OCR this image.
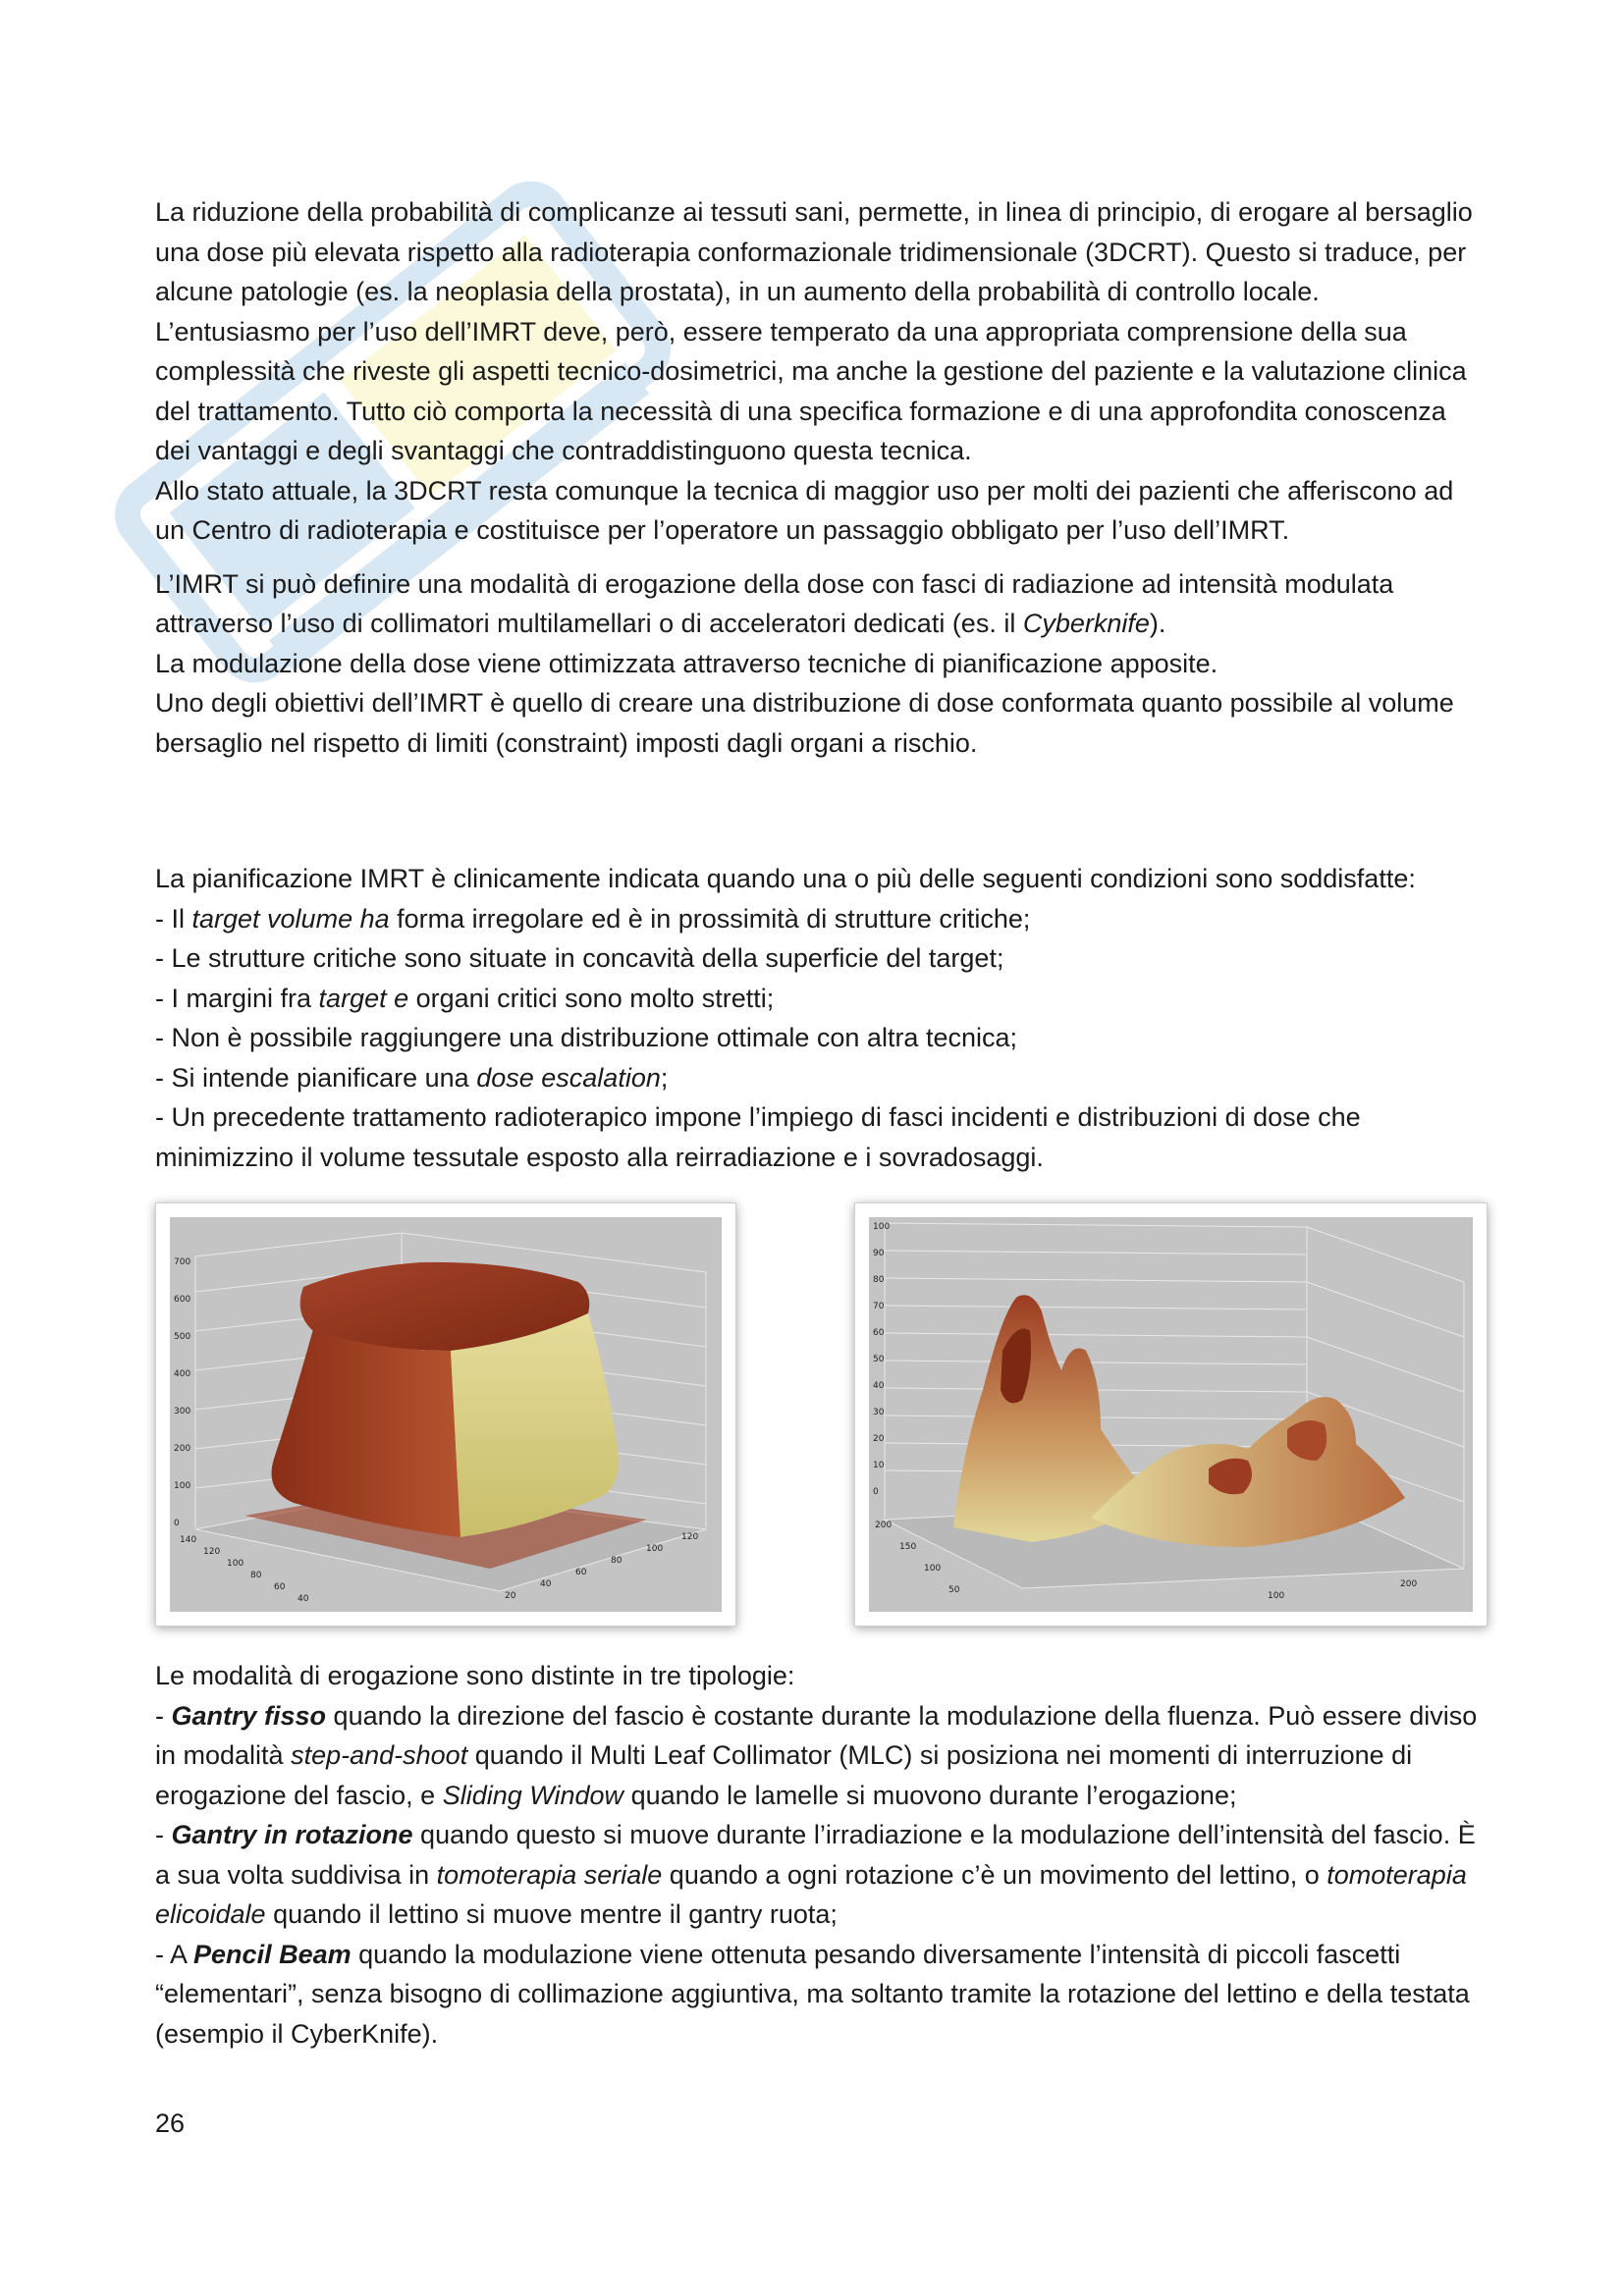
La riduzione della probabilità di complicanze ai tessuti sani, permette, in linea di principio, di erogare al bersaglio una dose più elevata rispetto alla radioterapia conformazionale tridimensionale (3DCRT). Questo si traduce, per alcune patologie (es. la neoplasia della prostata), in un aumento della probabilità di controllo locale.

L’entusiasmo per l’uso dell’IMRT deve, però, essere temperato da una appropriata comprensione della sua complessità che riveste gli aspetti tecnico-dosimetrici, ma anche la gestione del paziente e la valutazione clinica del trattamento. Tutto ciò comporta la necessità di una specifica formazione e di una approfondita conoscenza dei vantaggi e degli svantaggi che contraddistinguono questa tecnica.

Allo stato attuale, la 3DCRT resta comunque la tecnica di maggior uso per molti dei pazienti che afferiscono ad un Centro di radioterapia e costituisce per l’operatore un passaggio obbligato per l’uso dell’IMRT.

L’IMRT si può definire una modalità di erogazione della dose con fasci di radiazione ad intensità modulata attraverso l’uso di collimatori multilamellari o di acceleratori dedicati (es. il Cyberknife).

La modulazione della dose viene ottimizzata attraverso tecniche di pianificazione apposite.

Uno degli obiettivi dell’IMRT è quello di creare una distribuzione di dose conformata quanto possibile al volume bersaglio nel rispetto di limiti (constraint) imposti dagli organi a rischio.

La pianificazione IMRT è clinicamente indicata quando una o più delle seguenti condizioni sono soddisfatte:

- Il target volume ha forma irregolare ed è in prossimità di strutture critiche;

- Le strutture critiche sono situate in concavità della superficie del target;

- I margini fra target e organi critici sono molto stretti;

- Non è possibile raggiungere una distribuzione ottimale con altra tecnica;

- Si intende pianificare una dose escalation;

- Un precedente trattamento radioterapico impone l’impiego di fasci incidenti e distribuzioni di dose che minimizzino il volume tessutale esposto alla reirradiazione e i sovradosaggi.

700
600
500
400
300
200
100
0
140
120
100
80
60
40	20
40
60
80
100
120
100
90
80
70
60
50
40
30
20
10
0
200
150
100
50
100
200

Le modalità di erogazione sono distinte in tre tipologie:

- Gantry fisso quando la direzione del fascio è costante durante la modulazione della fluenza. Può essere diviso in modalità step-and-shoot quando il Multi Leaf Collimator (MLC) si posiziona nei momenti di interruzione di erogazione del fascio, e Sliding Window quando le lamelle si muovono durante l’erogazione;

- Gantry in rotazione quando questo si muove durante l’irradiazione e la modulazione dell’intensità del fascio. È a sua volta suddivisa in tomoterapia seriale quando a ogni rotazione c’è un movimento del lettino, o tomoterapia elicoidale quando il lettino si muove mentre il gantry ruota;

- A Pencil Beam quando la modulazione viene ottenuta pesando diversamente l’intensità di piccoli fascetti “elementari”, senza bisogno di collimazione aggiuntiva, ma soltanto tramite la rotazione del lettino e della testata (esempio il CyberKnife).

26
